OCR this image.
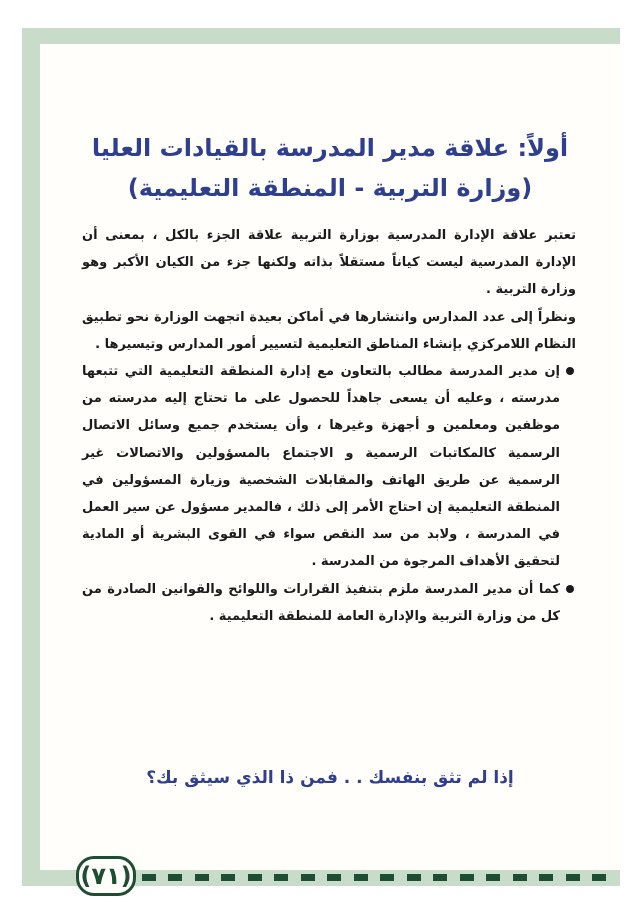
أولاً: علاقة مدير المدرسة بالقيادات العليا
(وزارة التربية - المنطقة التعليمية)

تعتبر علاقة الإدارة المدرسية بوزارة التربية علاقة الجزء بالكل ، بمعنى أن الإدارة المدرسية ليست كياناً مستقلاً بذاته ولكنها جزء من الكيان الأكبر وهو وزارة التربية .

ونظراً إلى عدد المدارس وانتشارها في أماكن بعيدة اتجهت الوزارة نحو تطبيق النظام اللامركزي بإنشاء المناطق التعليمية لتسيير أمور المدارس وتيسيرها .

إن مدير المدرسة مطالب بالتعاون مع إدارة المنطقة التعليمية التي تتبعها مدرسته ، وعليه أن يسعى جاهداً للحصول على ما تحتاج إليه مدرسته من موظفين ومعلمين و أجهزة وغيرها ، وأن يستخدم جميع وسائل الاتصال الرسمية كالمكاتبات الرسمية و الاجتماع بالمسؤولين والاتصالات غير الرسمية عن طريق الهاتف والمقابلات الشخصية وزيارة المسؤولين في المنطقة التعليمية إن احتاج الأمر إلى ذلك ، فالمدير مسؤول عن سير العمل في المدرسة ، ولابد من سد النقص سواء في القوى البشرية أو المادية لتحقيق الأهداف المرجوة من المدرسة .
كما أن مدير المدرسة ملزم بتنفيذ القرارات واللوائح والقوانين الصادرة من كل من وزارة التربية والإدارة العامة للمنطقة التعليمية .
إذا لم تثق بنفسك . . فمن ذا الذي سيثق بك؟
(٧١)
